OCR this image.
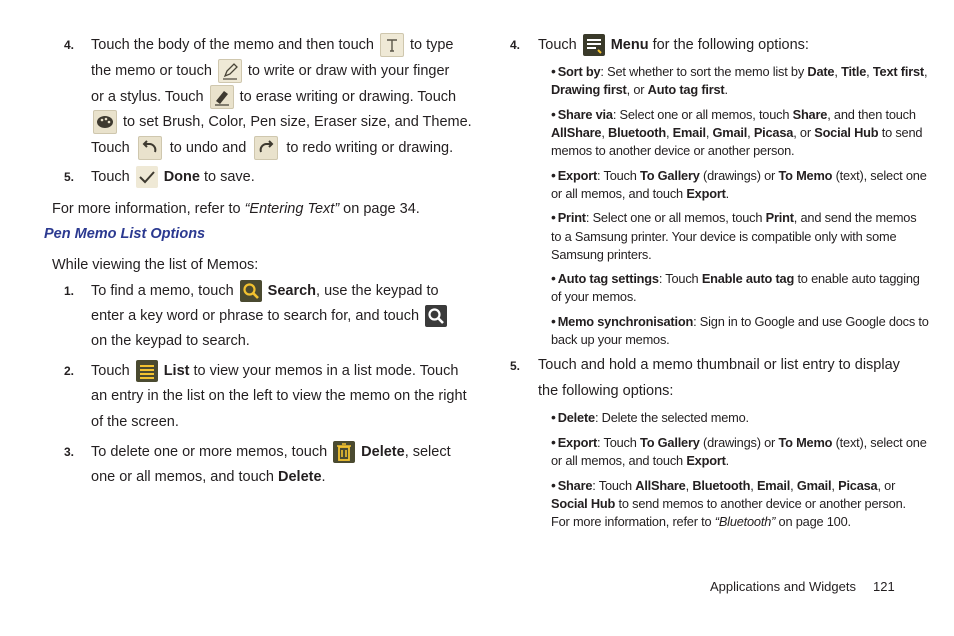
4. Touch the body of the memo and then touch to type
the memo or touch to write or draw with your finger
or a stylus. Touch to erase writing or drawing. Touch
to set Brush, Color, Pen size, Eraser size, and Theme.
Touch	to undo and	to redo writing or drawing.
5. Touch Done
to save.
For more information, refer to “Entering Text” on page 34.
Pen Memo List Options
While viewing the list of Memos:
1. To find a memo, touch Search , use the keypad to
enter a key word or phrase to search for, and touch
on the keypad to search.
2. Touch List
to view your memos in a list mode. Touch
an entry in the list on the left to view the memo on the right
of the screen.
3. To delete one or more memos, touch Delete , select
one or all memos, and touch Delete.
4. Touch Menu
for the following options:
• Sort by: Set whether to sort the memo list by Date, Title, Text first,
Drawing first, or Auto tag first.
• Share via: Select one or all memos, touch Share, and then touch
AllShare, Bluetooth, Email, Gmail, Picasa, or Social Hub to send
memos to another device or another person.
• Export: Touch To Gallery (drawings) or To Memo (text), select one
or all memos, and touch Export.
• Print: Select one or all memos, touch Print, and send the memos
to a Samsung printer. Your device is compatible only with some
Samsung printers.
• Auto tag settings: Touch Enable auto tag to enable auto tagging
of your memos.
• Memo synchronisation: Sign in to Google and use Google docs to
back up your memos.
5. Touch and hold a memo thumbnail or list entry to display
the following options:
• Delete: Delete the selected memo.
• Export: Touch To Gallery (drawings) or To Memo (text), select one
or all memos, and touch Export.
• Share: Touch AllShare, Bluetooth, Email, Gmail, Picasa, or
Social Hub to send memos to another device or another person.
For more information, refer to “Bluetooth” on page 100.
Applications and Widgets 121
